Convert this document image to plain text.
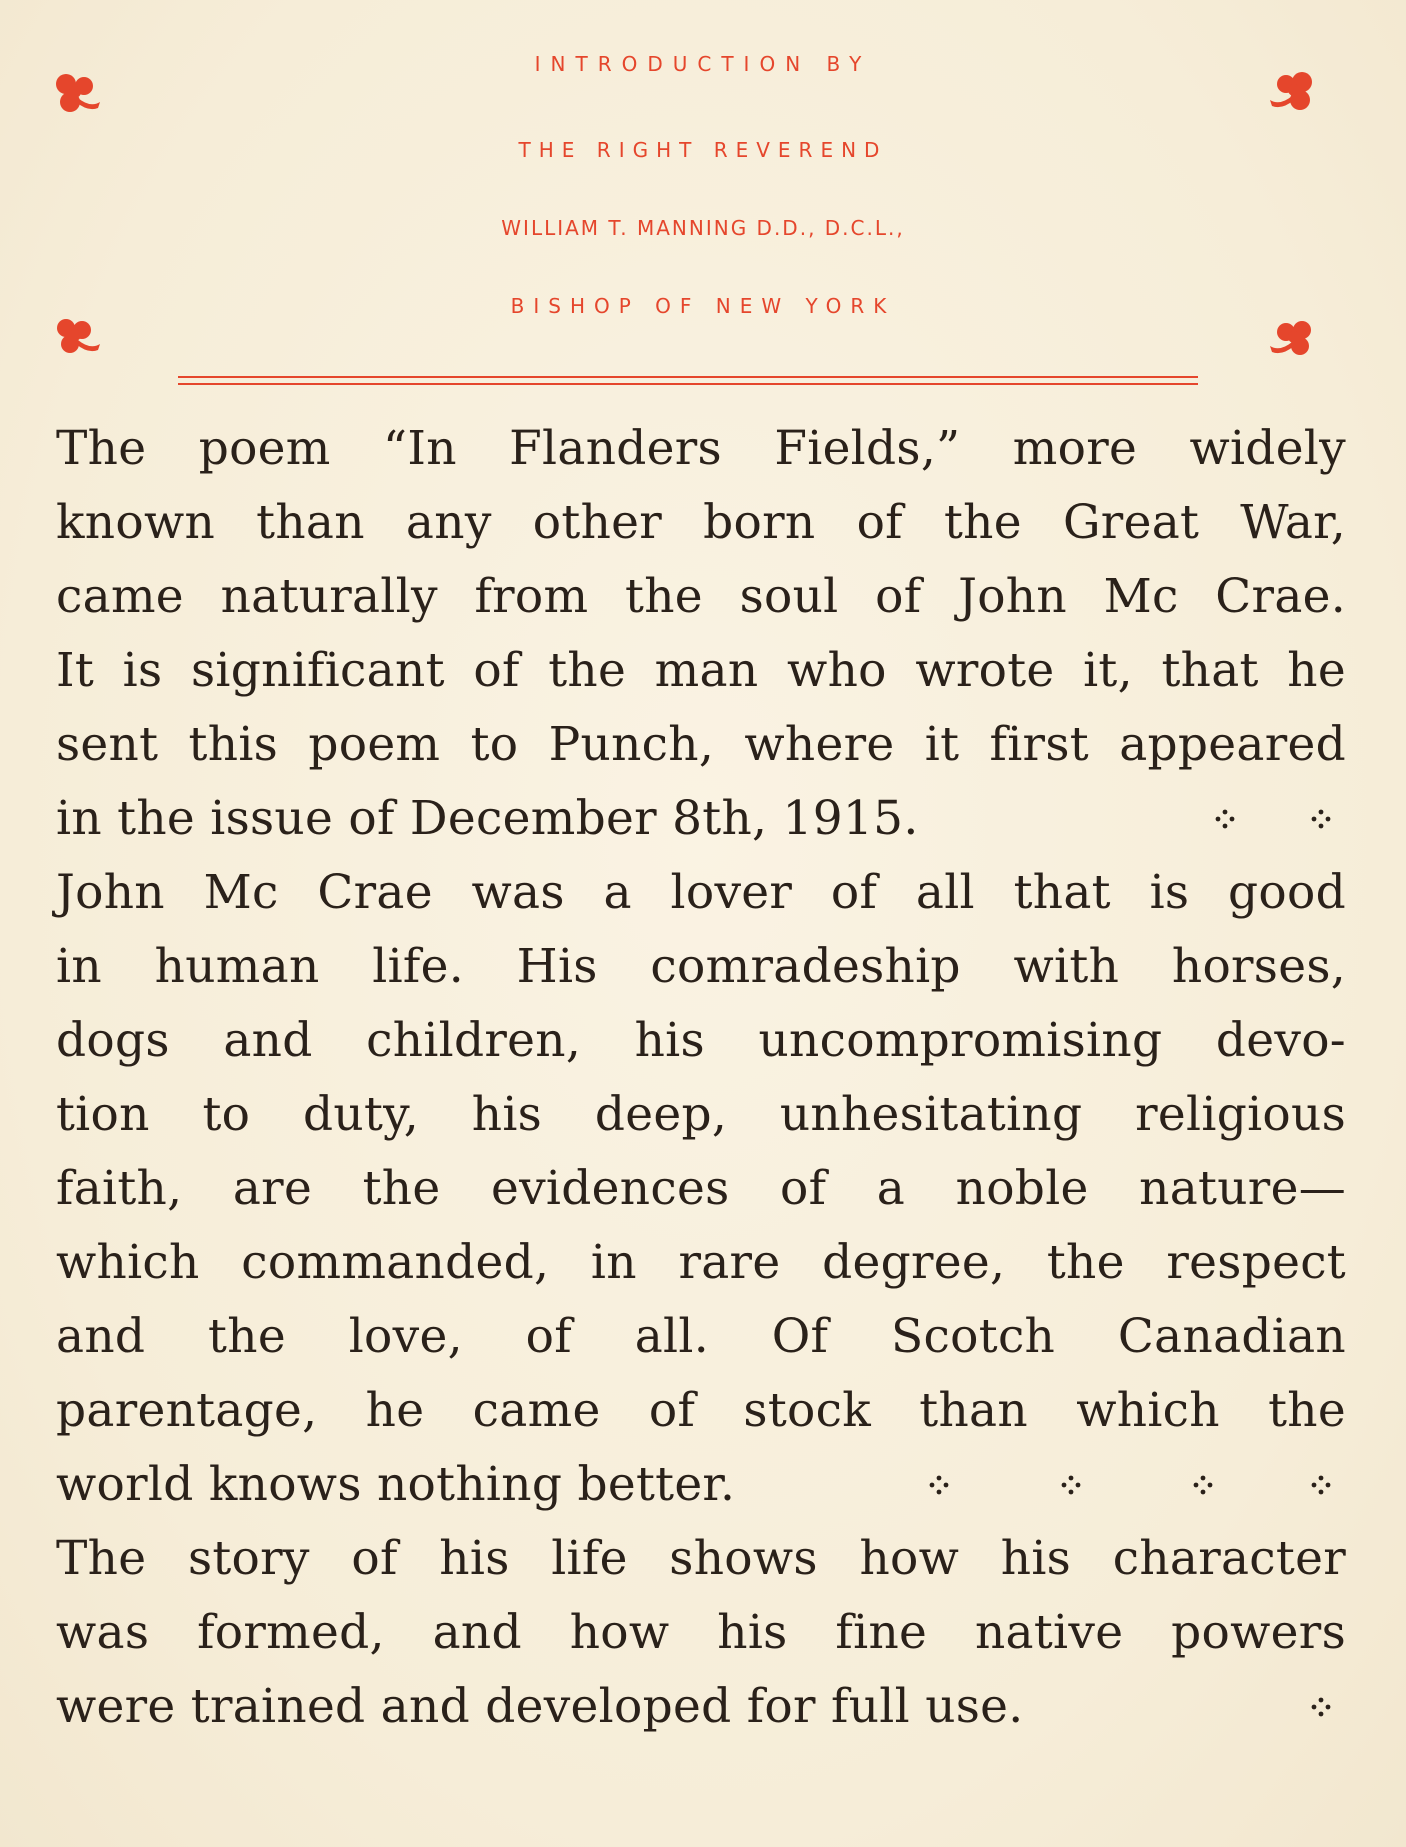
INTRODUCTION BY
THE RIGHT REVEREND
WILLIAM T. MANNING D.D., D.C.L.,
BISHOP OF NEW YORK
The poem “In Flanders Fields,” more widely
known than any other born of the Great War,
came naturally from the soul of John Mc Crae.
It is significant of the man who wrote it, that he
sent this poem to Punch, where it first appeared
in the issue of December 8th, 1915.
John Mc Crae was a lover of all that is good
in human life. His comradeship with horses,
dogs and children, his uncompromising devo-
tion to duty, his deep, unhesitating religious
faith, are the evidences of a noble nature—
which commanded, in rare degree, the respect
and the love, of all. Of Scotch Canadian
parentage, he came of stock than which the
world knows nothing better.
The story of his life shows how his character
was formed, and how his fine native powers
were trained and developed for full use.
